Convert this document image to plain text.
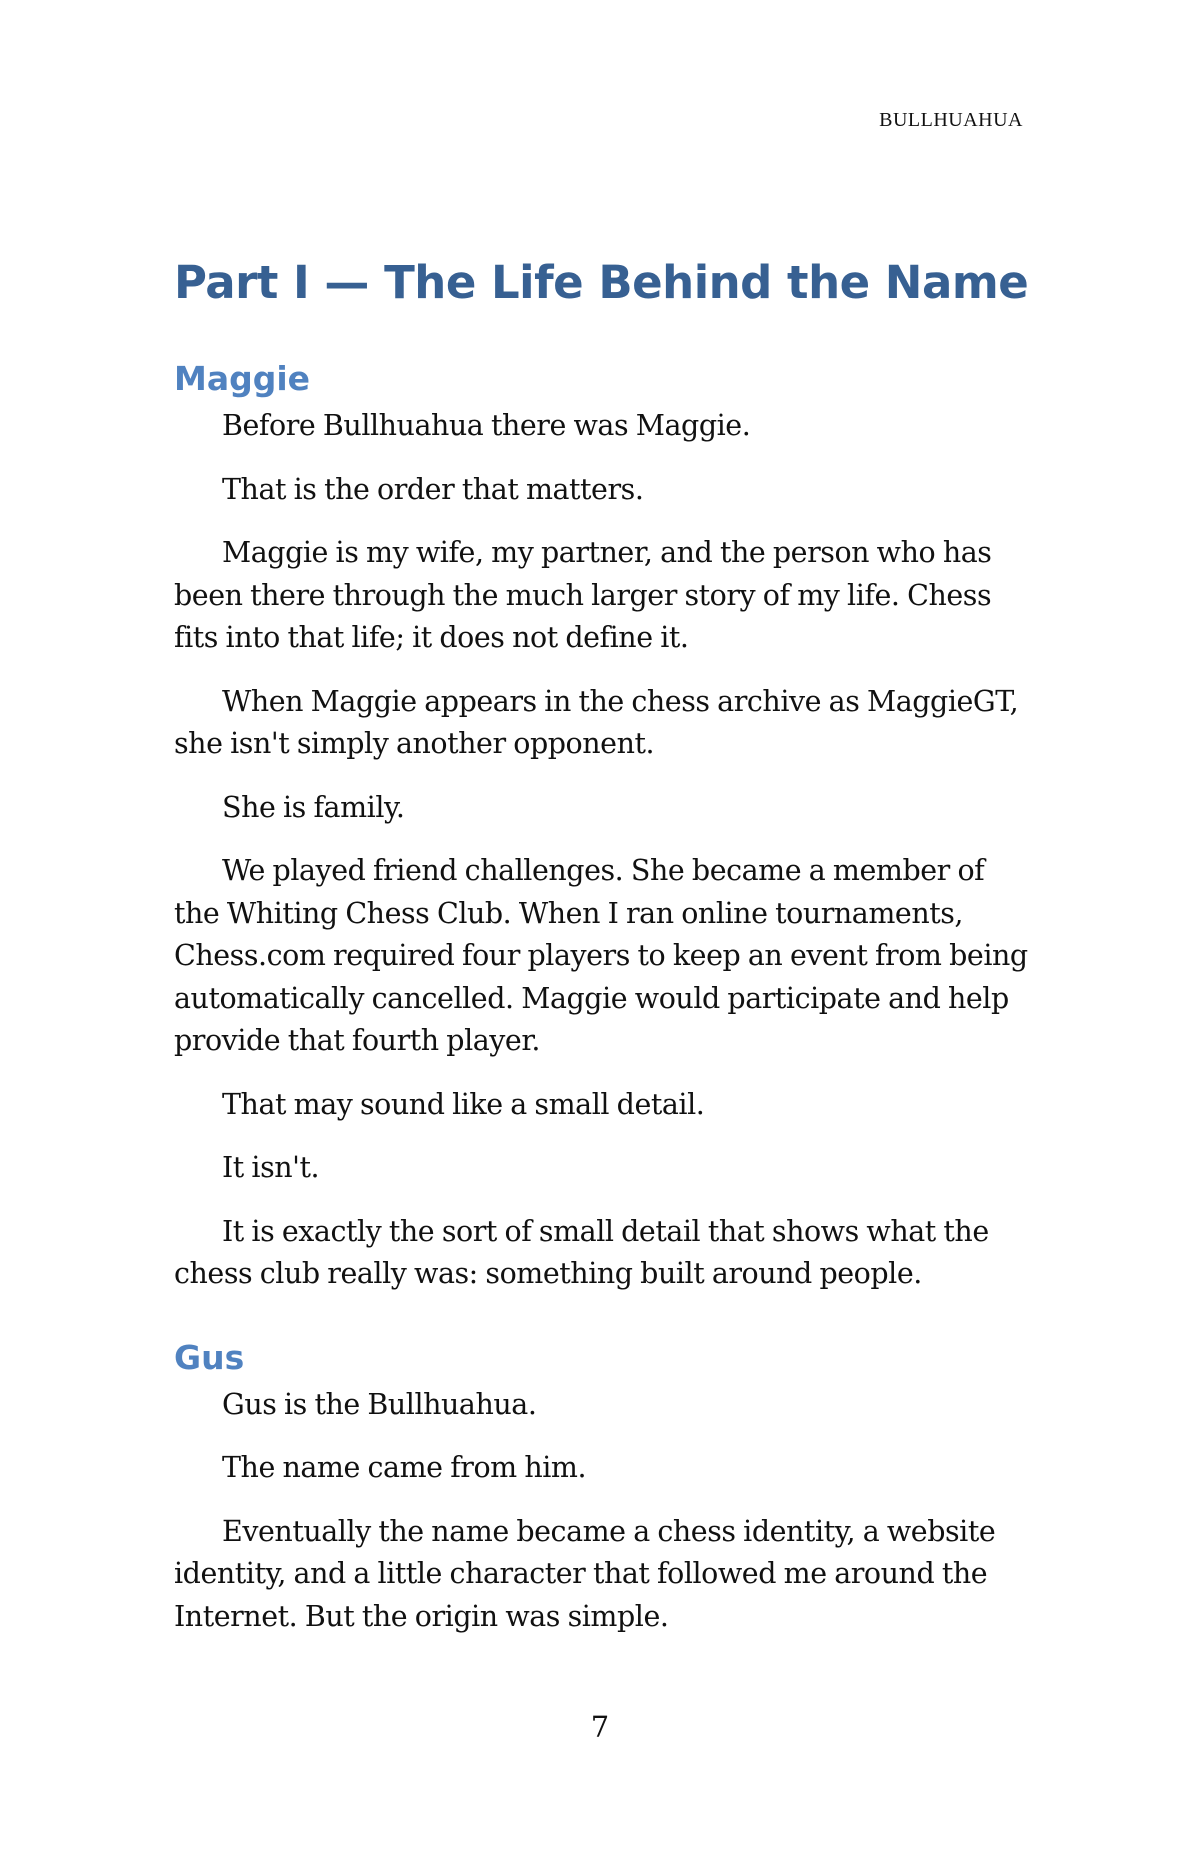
BULLHUAHUA

Part I — The Life Behind the Name
Maggie

Before Bullhuahua there was Maggie.

That is the order that matters.

Maggie is my wife, my partner, and the person who has been there through the much larger story of my life. Chess fits into that life; it does not define it.

When Maggie appears in the chess archive as MaggieGT, she isn't simply another opponent.

She is family.

We played friend challenges. She became a member of the Whiting Chess Club. When I ran online tournaments, Chess.com required four players to keep an event from being automatically cancelled. Maggie would participate and help provide that fourth player.

That may sound like a small detail.

It isn't.

It is exactly the sort of small detail that shows what the chess club really was: something built around people.

Gus

Gus is the Bullhuahua.

The name came from him.

Eventually the name became a chess identity, a website identity, and a little character that followed me around the Internet. But the origin was simple.

7
